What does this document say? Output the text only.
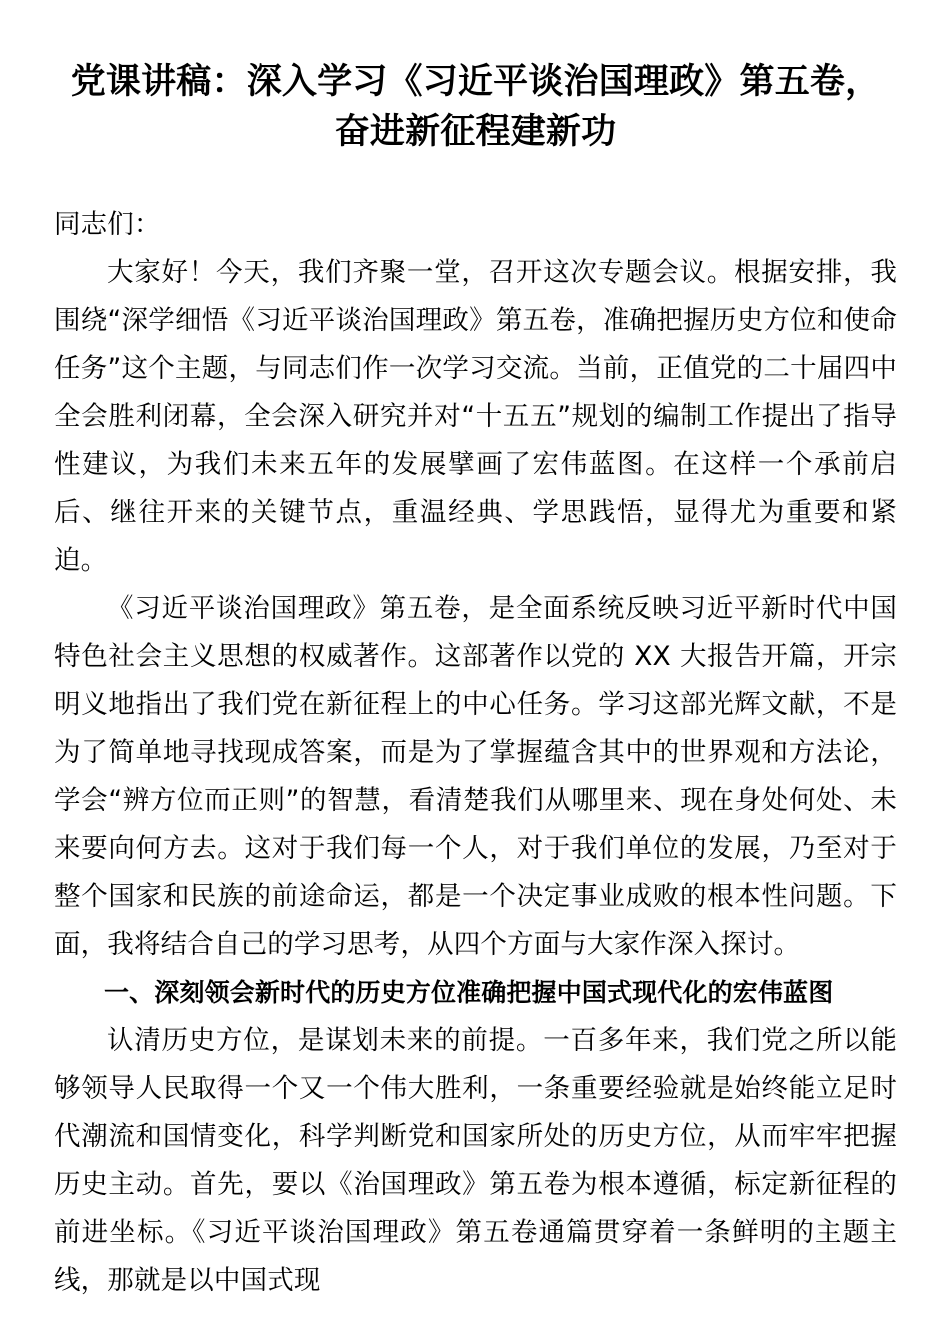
党课讲稿：深入学习《习近平谈治国理政》第五卷，
奋进新征程建新功

同志们：

大家好！今天，我们齐聚一堂，召开这次专题会议。根据安排，我围绕“深学细悟《习近平谈治国理政》第五卷，准确把握历史方位和使命任务”这个主题，与同志们作一次学习交流。当前，正值党的二十届四中全会胜利闭幕，全会深入研究并对“十五五”规划的编制工作提出了指导性建议，为我们未来五年的发展擘画了宏伟蓝图。在这样一个承前启后、继往开来的关键节点，重温经典、学思践悟，显得尤为重要和紧迫。

《习近平谈治国理政》第五卷，是全面系统反映习近平新时代中国特色社会主义思想的权威著作。这部著作以党的 XX 大报告开篇，开宗明义地指出了我们党在新征程上的中心任务。学习这部光辉文献，不是为了简单地寻找现成答案，而是为了掌握蕴含其中的世界观和方法论，学会“辨方位而正则”的智慧，看清楚我们从哪里来、现在身处何处、未来要向何方去。这对于我们每一个人，对于我们单位的发展，乃至对于整个国家和民族的前途命运，都是一个决定事业成败的根本性问题。下面，我将结合自己的学习思考，从四个方面与大家作深入探讨。

一、深刻领会新时代的历史方位准确把握中国式现代化的宏伟蓝图

认清历史方位，是谋划未来的前提。一百多年来，我们党之所以能够领导人民取得一个又一个伟大胜利，一条重要经验就是始终能立足时代潮流和国情变化，科学判断党和国家所处的历史方位，从而牢牢把握历史主动。首先，要以《治国理政》第五卷为根本遵循，标定新征程的前进坐标。《习近平谈治国理政》第五卷通篇贯穿着一条鲜明的主题主线，那就是以中国式现
